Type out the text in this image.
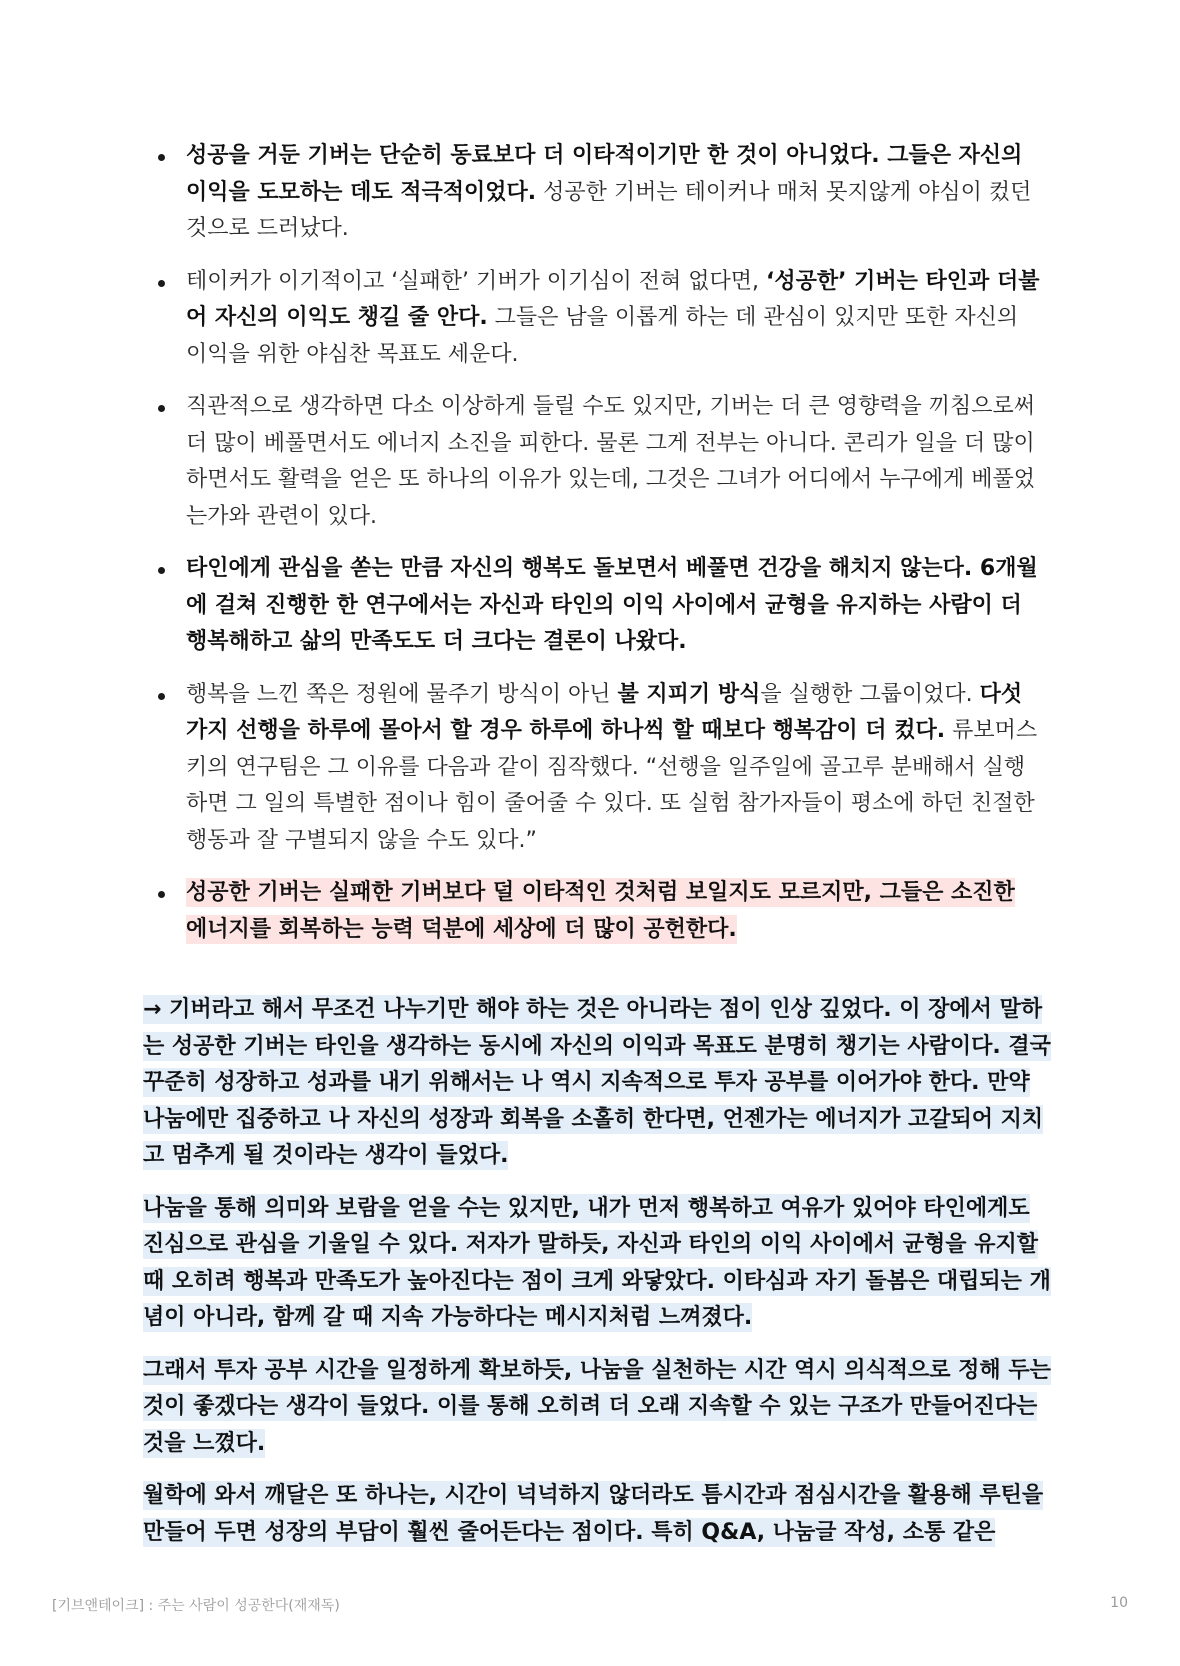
성공을 거둔 기버는 단순히 동료보다 더 이타적이기만 한 것이 아니었다. 그들은 자신의 이익을 도모하는 데도 적극적이었다. 성공한 기버는 테이커나 매처 못지않게 야심이 컸던 것으로 드러났다.
테이커가 이기적이고 ‘실패한’ 기버가 이기심이 전혀 없다면, ‘성공한’ 기버는 타인과 더불어 자신의 이익도 챙길 줄 안다. 그들은 남을 이롭게 하는 데 관심이 있지만 또한 자신의 이익을 위한 야심찬 목표도 세운다.
직관적으로 생각하면 다소 이상하게 들릴 수도 있지만, 기버는 더 큰 영향력을 끼침으로써 더 많이 베풀면서도 에너지 소진을 피한다. 물론 그게 전부는 아니다. 콘리가 일을 더 많이 하면서도 활력을 얻은 또 하나의 이유가 있는데, 그것은 그녀가 어디에서 누구에게 베풀었는가와 관련이 있다.
타인에게 관심을 쏟는 만큼 자신의 행복도 돌보면서 베풀면 건강을 해치지 않는다. 6개월에 걸쳐 진행한 한 연구에서는 자신과 타인의 이익 사이에서 균형을 유지하는 사람이 더 행복해하고 삶의 만족도도 더 크다는 결론이 나왔다.
행복을 느낀 쪽은 정원에 물주기 방식이 아닌 불 지피기 방식을 실행한 그룹이었다. 다섯 가지 선행을 하루에 몰아서 할 경우 하루에 하나씩 할 때보다 행복감이 더 컸다. 류보머스키의 연구팀은 그 이유를 다음과 같이 짐작했다. “선행을 일주일에 골고루 분배해서 실행하면 그 일의 특별한 점이나 힘이 줄어줄 수 있다. 또 실험 참가자들이 평소에 하던 친절한 행동과 잘 구별되지 않을 수도 있다.”
성공한 기버는 실패한 기버보다 덜 이타적인 것처럼 보일지도 모르지만, 그들은 소진한 에너지를 회복하는 능력 덕분에 세상에 더 많이 공헌한다.

→ 기버라고 해서 무조건 나누기만 해야 하는 것은 아니라는 점이 인상 깊었다. 이 장에서 말하는 성공한 기버는 타인을 생각하는 동시에 자신의 이익과 목표도 분명히 챙기는 사람이다. 결국 꾸준히 성장하고 성과를 내기 위해서는 나 역시 지속적으로 투자 공부를 이어가야 한다. 만약 나눔에만 집중하고 나 자신의 성장과 회복을 소홀히 한다면, 언젠가는 에너지가 고갈되어 지치고 멈추게 될 것이라는 생각이 들었다.

나눔을 통해 의미와 보람을 얻을 수는 있지만, 내가 먼저 행복하고 여유가 있어야 타인에게도 진심으로 관심을 기울일 수 있다. 저자가 말하듯, 자신과 타인의 이익 사이에서 균형을 유지할 때 오히려 행복과 만족도가 높아진다는 점이 크게 와닿았다. 이타심과 자기 돌봄은 대립되는 개념이 아니라, 함께 갈 때 지속 가능하다는 메시지처럼 느껴졌다.

그래서 투자 공부 시간을 일정하게 확보하듯, 나눔을 실천하는 시간 역시 의식적으로 정해 두는 것이 좋겠다는 생각이 들었다. 이를 통해 오히려 더 오래 지속할 수 있는 구조가 만들어진다는 것을 느꼈다.

월학에 와서 깨달은 또 하나는, 시간이 넉넉하지 않더라도 틈시간과 점심시간을 활용해 루틴을 만들어 두면 성장의 부담이 훨씬 줄어든다는 점이다. 특히 Q&A, 나눔글 작성, 소통 같은

[기브앤테이크] : 주는 사람이 성공한다(재재독)	10
